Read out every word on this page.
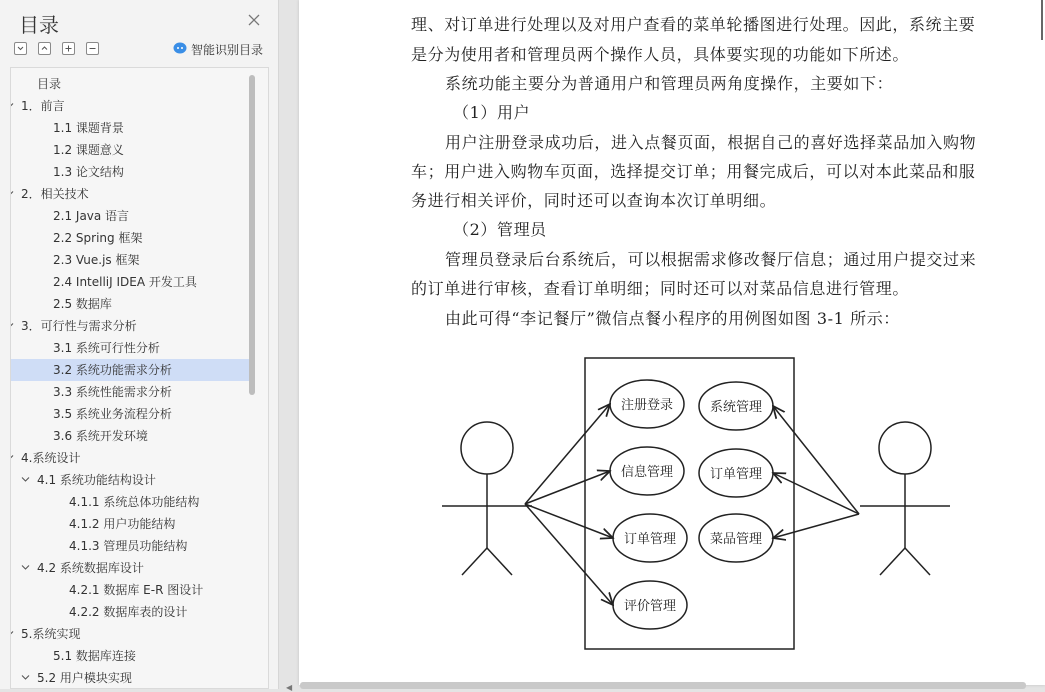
目录
智能识别目录
目录
1．前言
1.1 课题背景
1.2 课题意义
1.3 论文结构
2．相关技术
2.1 Java 语言
2.2 Spring 框架
2.3 Vue.js 框架
2.4 IntelliJ IDEA 开发工具
2.5 数据库
3．可行性与需求分析
3.1 系统可行性分析
3.2 系统功能需求分析
3.3 系统性能需求分析
3.5 系统业务流程分析
3.6 系统开发环境
4.系统设计
4.1 系统功能结构设计
4.1.1 系统总体功能结构
4.1.2 用户功能结构
4.1.3 管理员功能结构
4.2 系统数据库设计
4.2.1 数据库 E-R 图设计
4.2.2 数据库表的设计
5.系统实现
5.1 数据库连接
5.2 用户模块实现
理、对订单进行处理以及对用户查看的菜单轮播图进行处理。因此，系统主要
是分为使用者和管理员两个操作人员，具体要实现的功能如下所述。
系统功能主要分为普通用户和管理员两角度操作，主要如下：
（1）用户
用户注册登录成功后，进入点餐页面，根据自己的喜好选择菜品加入购物
车；用户进入购物车页面，选择提交订单；用餐完成后，可以对本此菜品和服
务进行相关评价，同时还可以查询本次订单明细。
（2）管理员
管理员登录后台系统后，可以根据需求修改餐厅信息；通过用户提交过来
的订单进行审核，查看订单明细；同时还可以对菜品信息进行管理。
由此可得“李记餐厅”微信点餐小程序的用例图如图 3-1 所示：
注册登录
信息管理
订单管理
评价管理
系统管理
订单管理
菜品管理
◀
